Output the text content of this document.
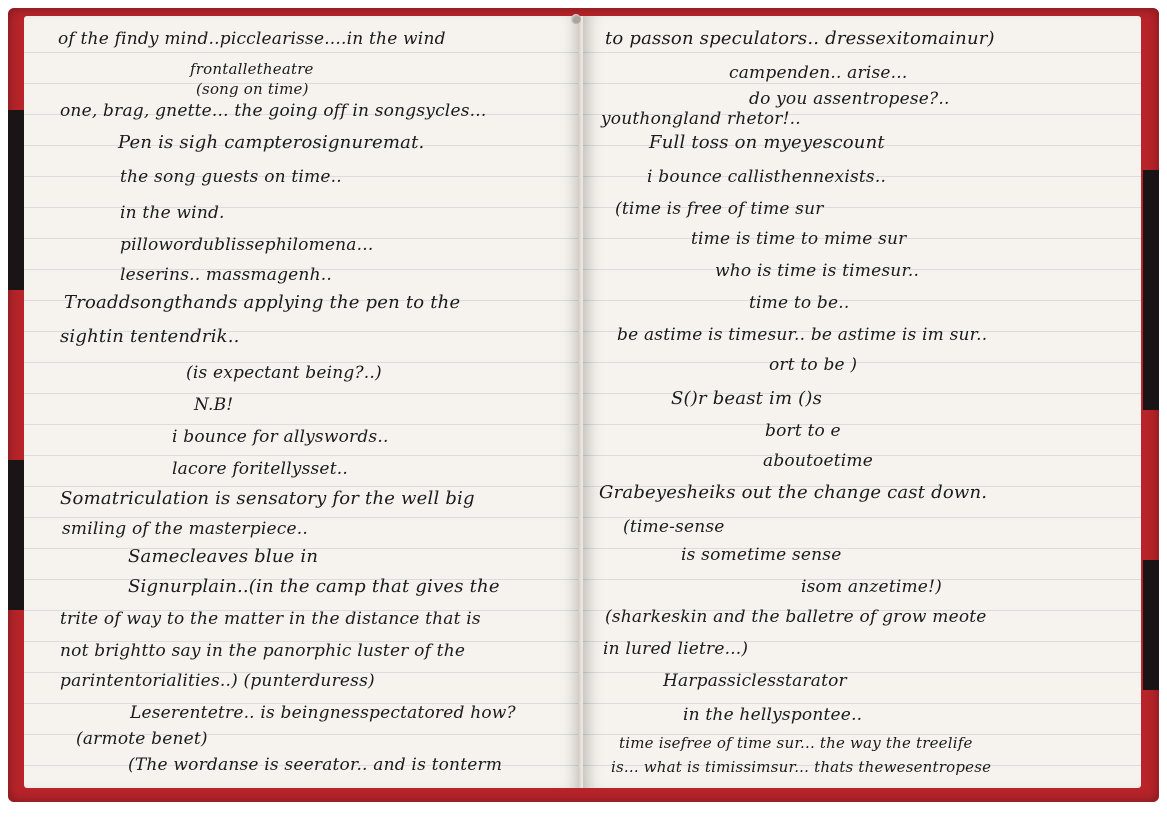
of the findy mind..picclearisse....in the wind
frontalletheatre
(song on time)
one, brag, gnette... the going off in songsycles...
Pen is sigh campterosignuremat.
the song guests on time..
in the wind.
pillowordublissephilomena...
leserins.. massmagenh..
Troaddsongthands applying the pen to the
sightin tentendrik..
(is expectant being?..)
N.B!
i bounce for allyswords..
lacore foritellysset..
Somatriculation is sensatory for the well big
smiling of the masterpiece..
Samecleaves blue in
Signurplain..(in the camp that gives the
trite of way to the matter in the distance that is
not brightto say in the panorphic luster of the
parintentorialities..) (punterduress)
Leserentetre.. is beingnesspectatored how?
(armote benet)
(The wordanse is seerator.. and is tonterm
to passon speculators.. dressexitomainur)
campenden.. arise...
do you assentropese?..
youthongland rhetor!..
Full toss on myeyescount
i bounce callisthennexists..
(time is free of time sur
time is time to mime sur
who is time is timesur..
time to be..
be astime is timesur.. be astime is im sur..
ort to be )
S()r beast im ()s
bort to e
aboutoetime
Grabeyesheiks out the change cast down.
(time-sense
is sometime sense
isom anzetime!)
(sharkeskin and the balletre of grow meote
in lured lietre...)
Harpassiclesstarator
in the hellyspontee..
time isefree of time sur... the way the treelife
is... what is timissimsur... thats thewesentropese
